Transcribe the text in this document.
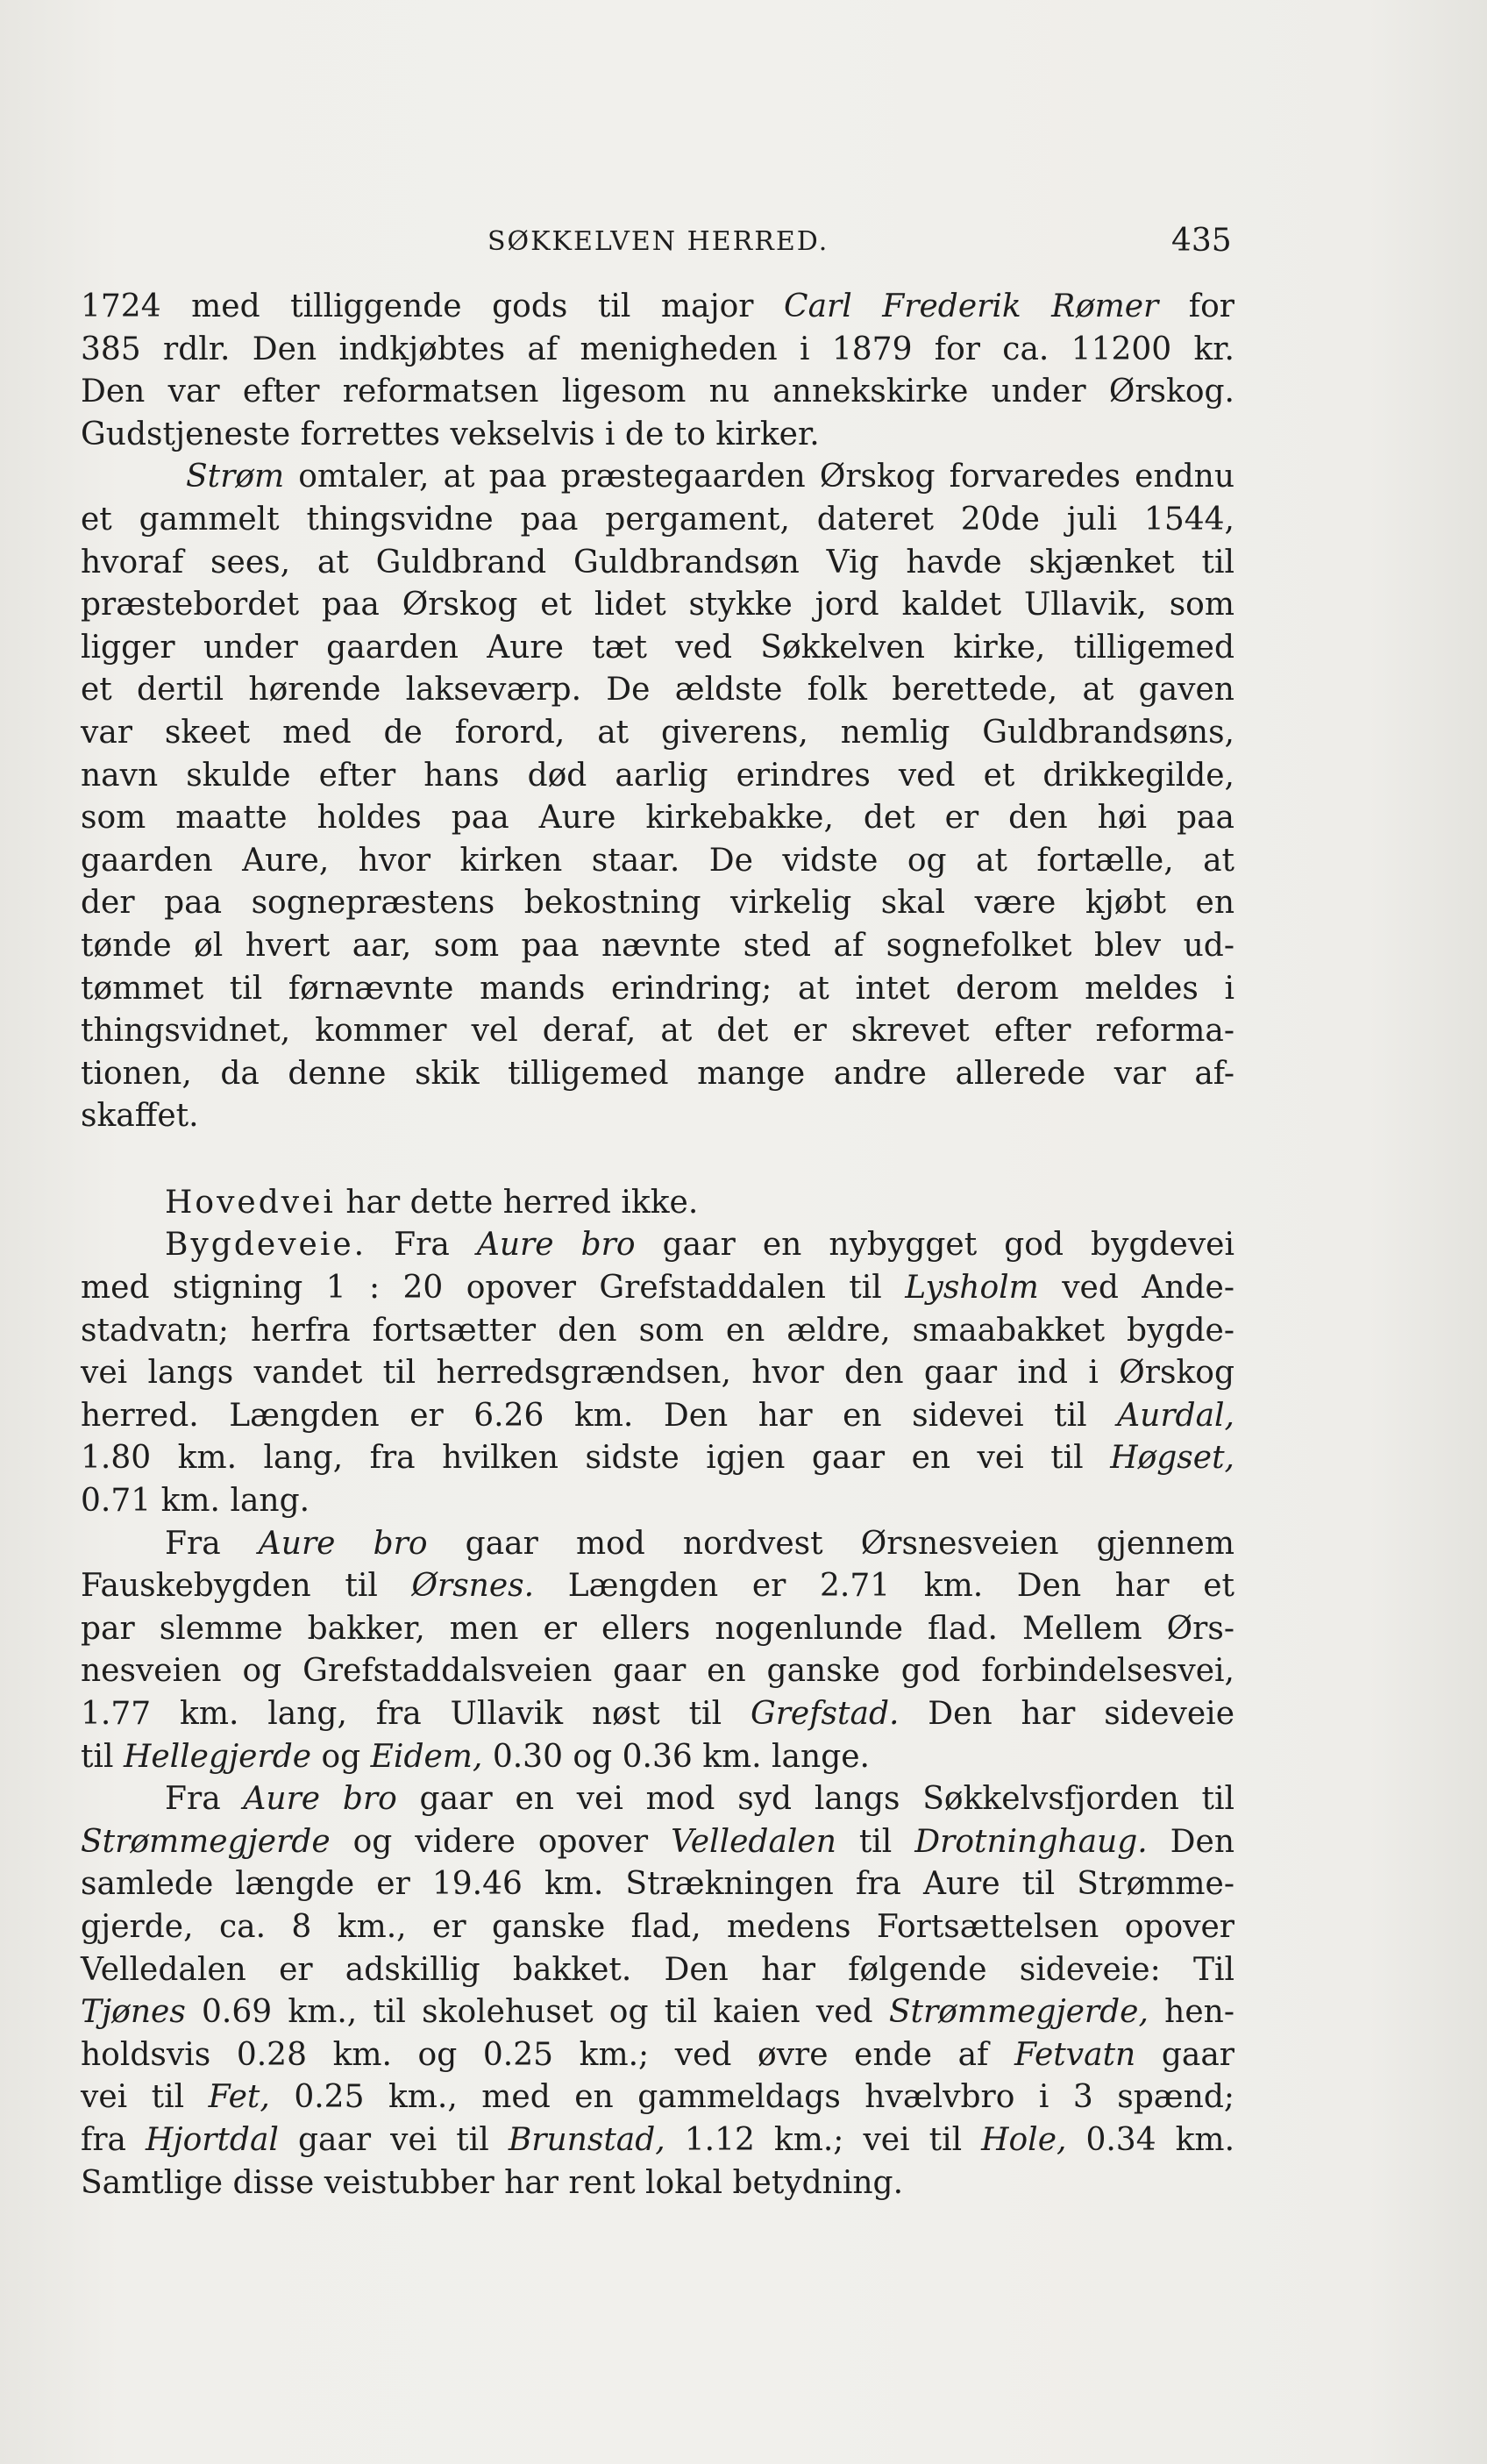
SØKKELVEN HERRED.	435
1724 med tilliggende gods til major Carl Frederik Rømer for
385 rdlr. Den indkjøbtes af menigheden i 1879 for ca. 11200 kr.
Den var efter reformatsen ligesom nu annekskirke under Ørskog.
Gudstjeneste forrettes vekselvis i de to kirker.
Strøm omtaler, at paa præstegaarden Ørskog forvaredes endnu
et gammelt thingsvidne paa pergament, dateret 20de juli 1544,
hvoraf sees, at Guldbrand Guldbrandsøn Vig havde skjænket til
præstebordet paa Ørskog et lidet stykke jord kaldet Ullavik, som
ligger under gaarden Aure tæt ved Søkkelven kirke, tilligemed
et dertil hørende lakseværp. De ældste folk berettede, at gaven
var skeet med de forord, at giverens, nemlig Guldbrandsøns,
navn skulde efter hans død aarlig erindres ved et drikkegilde,
som maatte holdes paa Aure kirkebakke, det er den høi paa
gaarden Aure, hvor kirken staar. De vidste og at fortælle, at
der paa sognepræstens bekostning virkelig skal være kjøbt en
tønde øl hvert aar, som paa nævnte sted af sognefolket blev ud-
tømmet til førnævnte mands erindring; at intet derom meldes i
thingsvidnet, kommer vel deraf, at det er skrevet efter reforma-
tionen, da denne skik tilligemed mange andre allerede var af-
skaffet.
Hovedvei har dette herred ikke.
Bygdeveie. Fra Aure bro gaar en nybygget god bygdevei
med stigning 1 : 20 opover Grefstaddalen til Lysholm ved Ande-
stadvatn; herfra fortsætter den som en ældre, smaabakket bygde-
vei langs vandet til herredsgrændsen, hvor den gaar ind i Ørskog
herred. Længden er 6.26 km. Den har en sidevei til Aurdal,
1.80 km. lang, fra hvilken sidste igjen gaar en vei til Høgset,
0.71 km. lang.
Fra Aure bro gaar mod nordvest Ørsnesveien gjennem
Fauskebygden til Ørsnes. Længden er 2.71 km. Den har et
par slemme bakker, men er ellers nogenlunde flad. Mellem Ørs-
nesveien og Grefstaddalsveien gaar en ganske god forbindelsesvei,
1.77 km. lang, fra Ullavik nøst til Grefstad. Den har sideveie
til Hellegjerde og Eidem, 0.30 og 0.36 km. lange.
Fra Aure bro gaar en vei mod syd langs Søkkelvsfjorden til
Strømmegjerde og videre opover Velledalen til Drotninghaug. Den
samlede længde er 19.46 km. Strækningen fra Aure til Strømme-
gjerde, ca. 8 km., er ganske flad, medens Fortsættelsen opover
Velledalen er adskillig bakket. Den har følgende sideveie: Til
Tjønes 0.69 km., til skolehuset og til kaien ved Strømmegjerde, hen-
holdsvis 0.28 km. og 0.25 km.; ved øvre ende af Fetvatn gaar
vei til Fet, 0.25 km., med en gammeldags hvælvbro i 3 spænd;
fra Hjortdal gaar vei til Brunstad, 1.12 km.; vei til Hole, 0.34 km.
Samtlige disse veistubber har rent lokal betydning.
